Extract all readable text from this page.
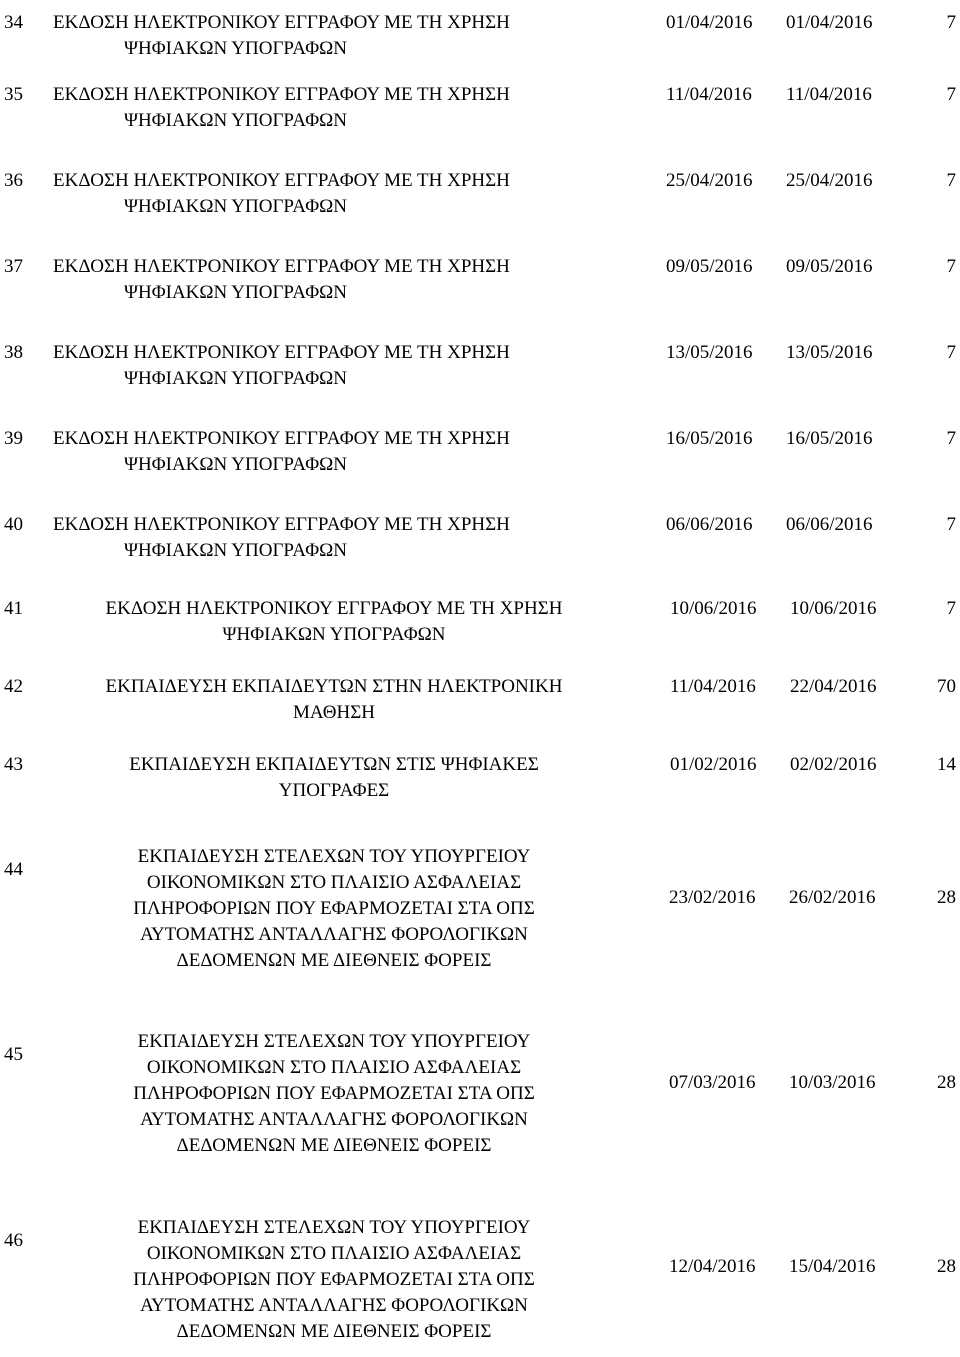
34 ΕΚΔΟΣΗ ΗΛΕΚΤΡΟΝΙΚΟΥ ΕΓΓΡΑΦΟΥ ΜΕ ΤΗ ΧΡΗΣΗ
ΨΗΦΙΑΚΩΝ ΥΠΟΓΡΑΦΩΝ
01/04/2016 01/04/2016	7
35 ΕΚΔΟΣΗ ΗΛΕΚΤΡΟΝΙΚΟΥ ΕΓΓΡΑΦΟΥ ΜΕ ΤΗ ΧΡΗΣΗ
ΨΗΦΙΑΚΩΝ ΥΠΟΓΡΑΦΩΝ
11/04/2016 11/04/2016	7
36 ΕΚΔΟΣΗ ΗΛΕΚΤΡΟΝΙΚΟΥ ΕΓΓΡΑΦΟΥ ΜΕ ΤΗ ΧΡΗΣΗ
ΨΗΦΙΑΚΩΝ ΥΠΟΓΡΑΦΩΝ
25/04/2016 25/04/2016	7
37 ΕΚΔΟΣΗ ΗΛΕΚΤΡΟΝΙΚΟΥ ΕΓΓΡΑΦΟΥ ΜΕ ΤΗ ΧΡΗΣΗ
ΨΗΦΙΑΚΩΝ ΥΠΟΓΡΑΦΩΝ
09/05/2016 09/05/2016	7
38 ΕΚΔΟΣΗ ΗΛΕΚΤΡΟΝΙΚΟΥ ΕΓΓΡΑΦΟΥ ΜΕ ΤΗ ΧΡΗΣΗ
ΨΗΦΙΑΚΩΝ ΥΠΟΓΡΑΦΩΝ
13/05/2016 13/05/2016	7
39 ΕΚΔΟΣΗ ΗΛΕΚΤΡΟΝΙΚΟΥ ΕΓΓΡΑΦΟΥ ΜΕ ΤΗ ΧΡΗΣΗ
ΨΗΦΙΑΚΩΝ ΥΠΟΓΡΑΦΩΝ
16/05/2016 16/05/2016	7
40 ΕΚΔΟΣΗ ΗΛΕΚΤΡΟΝΙΚΟΥ ΕΓΓΡΑΦΟΥ ΜΕ ΤΗ ΧΡΗΣΗ
ΨΗΦΙΑΚΩΝ ΥΠΟΓΡΑΦΩΝ
06/06/2016 06/06/2016	7
41	ΕΚΔΟΣΗ ΗΛΕΚΤΡΟΝΙΚΟΥ ΕΓΓΡΑΦΟΥ ΜΕ ΤΗ ΧΡΗΣΗ
ΨΗΦΙΑΚΩΝ ΥΠΟΓΡΑΦΩΝ
10/06/2016 10/06/2016	7
42	ΕΚΠΑΙΔΕΥΣΗ ΕΚΠΑΙΔΕΥΤΩΝ ΣΤΗΝ ΗΛΕΚΤΡΟΝΙΚΗ
ΜΑΘΗΣΗ
11/04/2016 22/04/2016	70
43	ΕΚΠΑΙΔΕΥΣΗ ΕΚΠΑΙΔΕΥΤΩΝ ΣΤΙΣ ΨΗΦΙΑΚΕΣ
ΥΠΟΓΡΑΦΕΣ
01/02/2016 02/02/2016	14
44
ΕΚΠΑΙΔΕΥΣΗ ΣΤΕΛΕΧΩΝ ΤΟΥ ΥΠΟΥΡΓΕΙΟΥ
ΟΙΚΟΝΟΜΙΚΩΝ ΣΤΟ ΠΛΑΙΣΙΟ ΑΣΦΑΛΕΙΑΣ
ΠΛΗΡΟΦΟΡΙΩΝ ΠΟΥ ΕΦΑΡΜΟΖΕΤΑΙ ΣΤΑ ΟΠΣ
ΑΥΤΟΜΑΤΗΣ ΑΝΤΑΛΛΑΓΗΣ ΦΟΡΟΛΟΓΙΚΩΝ
ΔΕΔΟΜΕΝΩΝ ΜΕ ΔΙΕΘΝΕΙΣ ΦΟΡΕΙΣ
23/02/2016 26/02/2016	28
45
ΕΚΠΑΙΔΕΥΣΗ ΣΤΕΛΕΧΩΝ ΤΟΥ ΥΠΟΥΡΓΕΙΟΥ
ΟΙΚΟΝΟΜΙΚΩΝ ΣΤΟ ΠΛΑΙΣΙΟ ΑΣΦΑΛΕΙΑΣ
ΠΛΗΡΟΦΟΡΙΩΝ ΠΟΥ ΕΦΑΡΜΟΖΕΤΑΙ ΣΤΑ ΟΠΣ
ΑΥΤΟΜΑΤΗΣ ΑΝΤΑΛΛΑΓΗΣ ΦΟΡΟΛΟΓΙΚΩΝ
ΔΕΔΟΜΕΝΩΝ ΜΕ ΔΙΕΘΝΕΙΣ ΦΟΡΕΙΣ
07/03/2016 10/03/2016	28
46
ΕΚΠΑΙΔΕΥΣΗ ΣΤΕΛΕΧΩΝ ΤΟΥ ΥΠΟΥΡΓΕΙΟΥ
ΟΙΚΟΝΟΜΙΚΩΝ ΣΤΟ ΠΛΑΙΣΙΟ ΑΣΦΑΛΕΙΑΣ
ΠΛΗΡΟΦΟΡΙΩΝ ΠΟΥ ΕΦΑΡΜΟΖΕΤΑΙ ΣΤΑ ΟΠΣ
ΑΥΤΟΜΑΤΗΣ ΑΝΤΑΛΛΑΓΗΣ ΦΟΡΟΛΟΓΙΚΩΝ
ΔΕΔΟΜΕΝΩΝ ΜΕ ΔΙΕΘΝΕΙΣ ΦΟΡΕΙΣ
12/04/2016 15/04/2016	28
